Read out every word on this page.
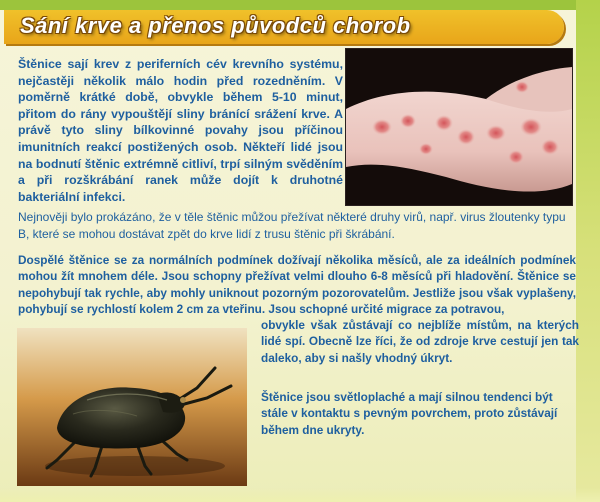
Sání krve a přenos původců chorob

Štěnice sají krev z periferních cév krevního systému, nejčastěji několik málo hodin před rozedněním. V poměrně krátké době, obvykle během 5-10 minut, přitom do rány vypouštějí sliny bránící srážení krve. A právě tyto sliny bílkovinné povahy jsou příčinou imunitních reakcí postižených osob. Někteří lidé jsou na bodnutí štěnic extrémně citliví, trpí silným svěděním a při rozškrábání ranek může dojít k druhotné bakteriální infekci.

Nejnověji bylo prokázáno, že v těle štěnic můžou přežívat některé druhy virů, např. virus žloutenky typu B, které se mohou dostávat zpět do krve lidí z trusu štěnic při škrábání.

Dospělé štěnice se za normálních podmínek dožívají několika měsíců, ale za ideálních podmínek mohou žít mnohem déle. Jsou schopny přežívat velmi dlouho 6-8 měsíců při hladovění. Štěnice se nepohybují tak rychle, aby mohly uniknout pozorným pozorovatelům. Jestliže jsou však vyplašeny, pohybují se rychlostí kolem 2 cm za vteřinu. Jsou schopné určité migrace za potravou,

obvykle však zůstávají co nejblíže místům, na kterých lidé spí. Obecně lze říci, že od zdroje krve cestují jen tak daleko, aby si našly vhodný úkryt.

Štěnice jsou světloplaché a mají silnou tendenci být stále v kontaktu s pevným povrchem, proto zůstávají během dne ukryty.
